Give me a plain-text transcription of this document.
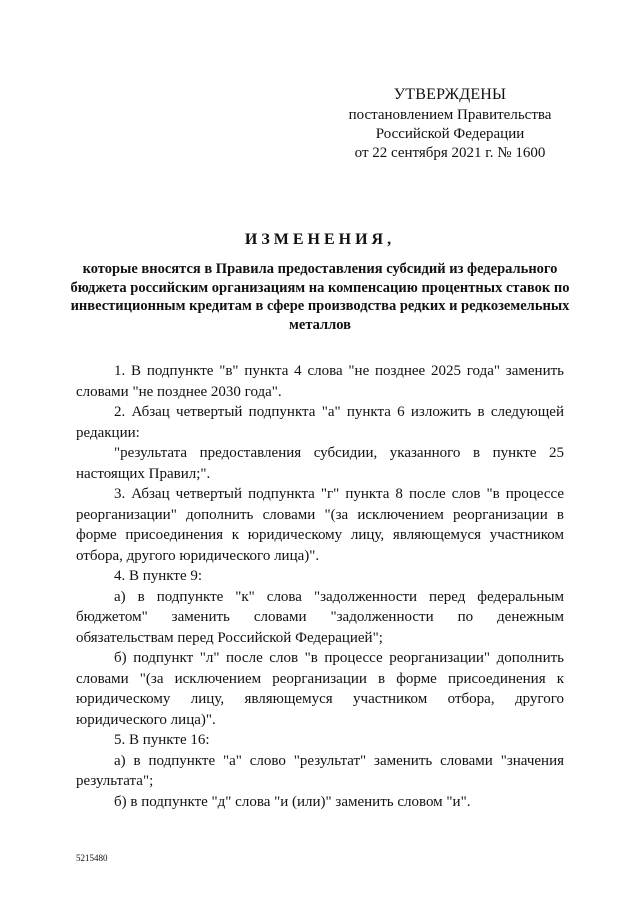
УТВЕРЖДЕНЫ
постановлением Правительства
Российской Федерации
от 22 сентября 2021 г. № 1600
ИЗМЕНЕНИЯ,
которые вносятся в Правила предоставления субсидий из федерального бюджета российским организациям на компенсацию процентных ставок по инвестиционным кредитам в сфере производства редких и редкоземельных металлов

1. В подпункте "в" пункта 4 слова "не позднее 2025 года" заменить словами "не позднее 2030 года".

2. Абзац четвертый подпункта "а" пункта 6 изложить в следующей редакции:

"результата предоставления субсидии, указанного в пункте 25 настоящих Правил;".

3. Абзац четвертый подпункта "г" пункта 8 после слов "в процессе реорганизации" дополнить словами "(за исключением реорганизации в форме присоединения к юридическому лицу, являющемуся участником отбора, другого юридического лица)".

4. В пункте 9:

а) в подпункте "к" слова "задолженности перед федеральным бюджетом" заменить словами "задолженности по денежным обязательствам перед Российской Федерацией";

б) подпункт "л" после слов "в процессе реорганизации" дополнить словами "(за исключением реорганизации в форме присоединения к юридическому лицу, являющемуся участником отбора, другого юридического лица)".

5. В пункте 16:

а) в подпункте "а" слово "результат" заменить словами "значения результата";

б) в подпункте "д" слова "и (или)" заменить словом "и".

5215480
